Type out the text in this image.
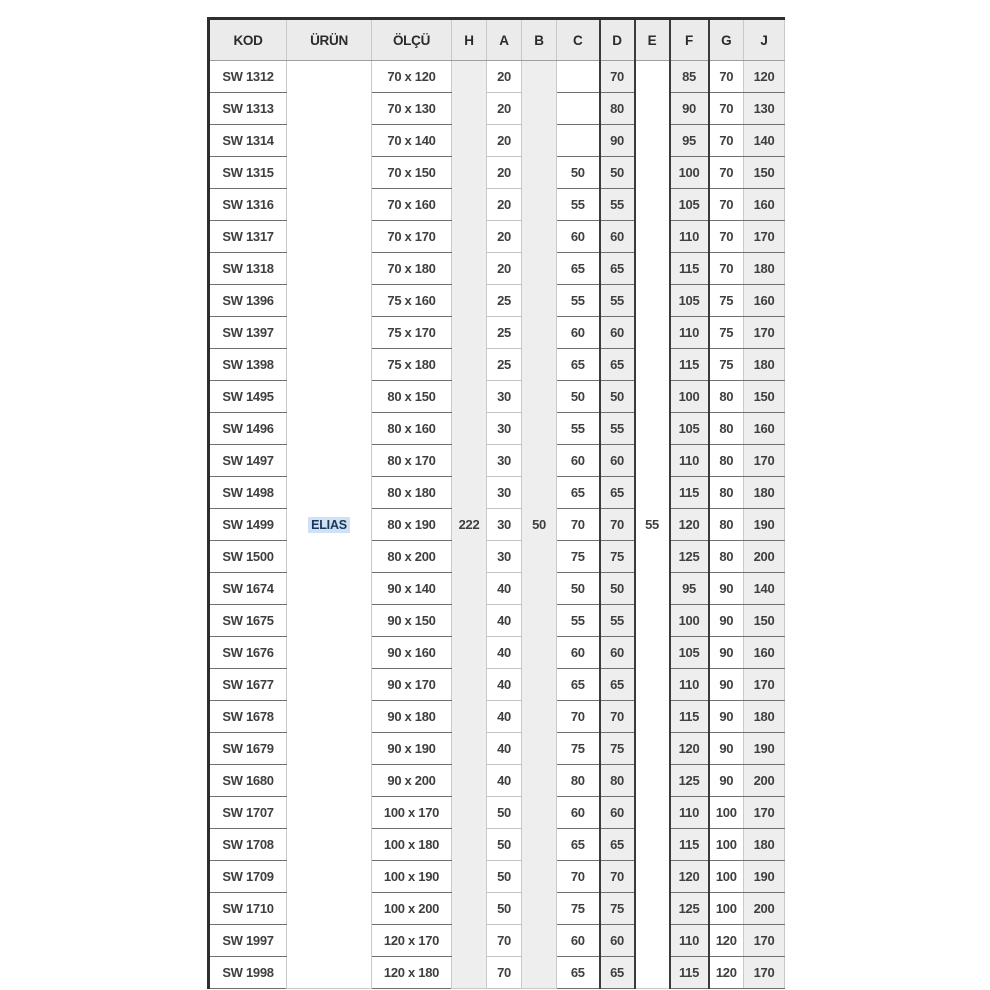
KOD	ÜRÜN	ÖLÇÜ	H	A	B	C	D	E	F	G	J
SW 1312	ELIAS	70 x 120	222	20	50		70	55	85	70	120
SW 1313		70 x 130		20			80		90	70	130
SW 1314		70 x 140		20			90		95	70	140
SW 1315		70 x 150		20		50	50		100	70	150
SW 1316		70 x 160		20		55	55		105	70	160
SW 1317		70 x 170		20		60	60		110	70	170
SW 1318		70 x 180		20		65	65		115	70	180
SW 1396		75 x 160		25		55	55		105	75	160
SW 1397		75 x 170		25		60	60		110	75	170
SW 1398		75 x 180		25		65	65		115	75	180
SW 1495		80 x 150		30		50	50		100	80	150
SW 1496		80 x 160		30		55	55		105	80	160
SW 1497		80 x 170		30		60	60		110	80	170
SW 1498		80 x 180		30		65	65		115	80	180
SW 1499		80 x 190		30		70	70		120	80	190
SW 1500		80 x 200		30		75	75		125	80	200
SW 1674		90 x 140		40		50	50		95	90	140
SW 1675		90 x 150		40		55	55		100	90	150
SW 1676		90 x 160		40		60	60		105	90	160
SW 1677		90 x 170		40		65	65		110	90	170
SW 1678		90 x 180		40		70	70		115	90	180
SW 1679		90 x 190		40		75	75		120	90	190
SW 1680		90 x 200		40		80	80		125	90	200
SW 1707		100 x 170		50		60	60		110	100	170
SW 1708		100 x 180		50		65	65		115	100	180
SW 1709		100 x 190		50		70	70		120	100	190
SW 1710		100 x 200		50		75	75		125	100	200
SW 1997		120 x 170		70		60	60		110	120	170
SW 1998		120 x 180		70		65	65		115	120	170
